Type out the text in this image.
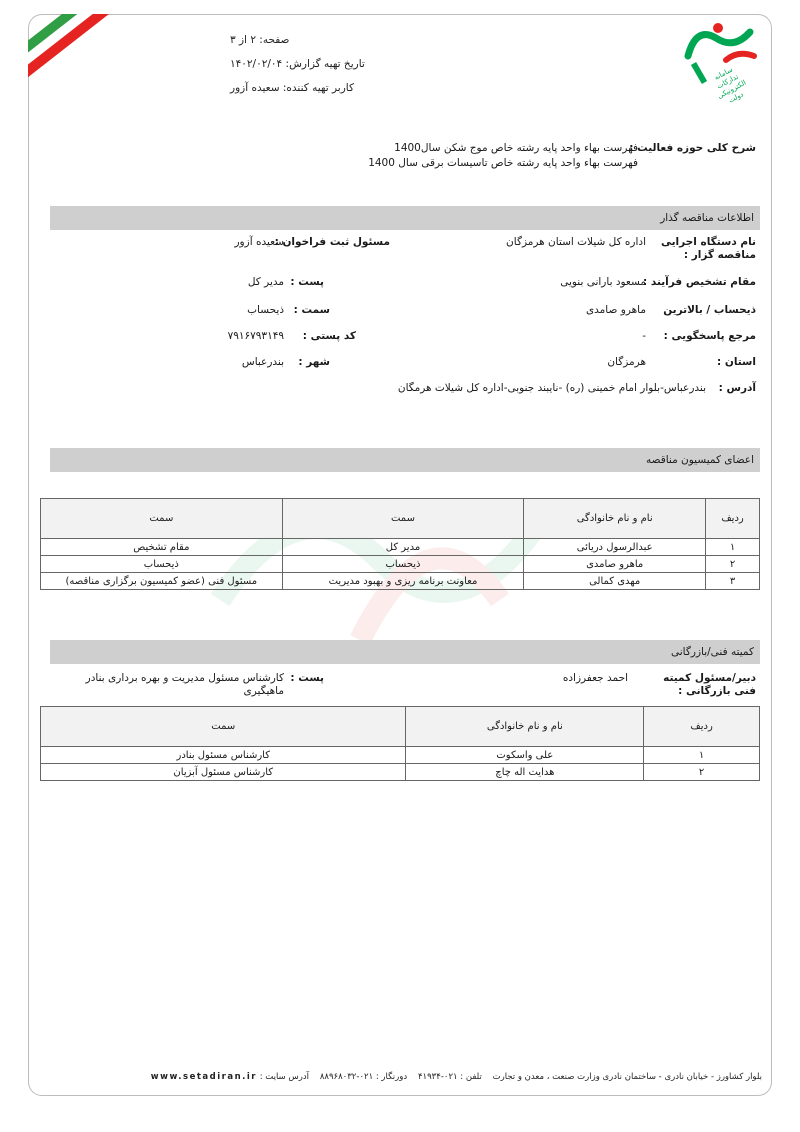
۞
سامانه تدارکات الکترونیکی دولت
صفحه: ۲ از ۳
تاریخ تهیه گزارش: ۱۴۰۲/۰۲/۰۴
کاربر تهیه کننده: سعیده آزور
شرح کلی حوزه فعالیت :
فهرست بهاء واحد پایه رشته خاص موج شکن سال1400
فهرست بهاء واحد پایه رشته خاص تاسیسات برقی سال 1400
اطلاعات مناقصه گذار
نام دستگاه اجرایی مناقصه گزار :
اداره کل شیلات استان هرمزگان
مسئول ثبت فراخوان :
سعیده آزور
مقام تشخیص فرآیند :
مسعود بارانی بنویی
پست :
مدیر کل
ذیحساب / بالاترین
ماهرو صامدی
سمت :
ذیحساب
مرجع پاسخگویی :
-
کد پستی :
۷۹۱۶۷۹۳۱۴۹
استان :
هرمزگان
شهر :
بندرعباس
آدرس :
بندرعباس-بلوار امام خمینی (ره) -نایبند جنوبی-اداره کل شیلات هرمگان
اعضای کمیسیون مناقصه
ردیف	نام و نام خانوادگی	سمت	سمت
۱	عبدالرسول دریائی	مدیر کل	مقام تشخیص
۲	ماهرو صامدی	ذیحساب	ذیحساب
۳	مهدی کمالی	معاونت برنامه ریزی و بهبود مدیریت	مسئول فنی (عضو کمیسیون برگزاری مناقصه)
کمیته فنی/بازرگانی
دبیر/مسئول کمیته فنی بازرگانی :
احمد جعفرزاده
پست :
کارشناس مسئول مدیریت و بهره برداری بنادر ماهیگیری
ردیف	نام و نام خانوادگی	سمت
۱	علی واسکوت	کارشناس مسئول بنادر
۲	هدایت اله چاچ	کارشناس مسئول آبزیان
بلوار کشاورز - خیابان نادری - ساختمان نادری وزارت صنعت ، معدن و تجارت    تلفن : ۰۲۱-۴۱۹۳۴    دورنگار : ۰۲۱-۸۸۹۶۸۰۳۲    آدرس سایت : www.setadiran.ir
